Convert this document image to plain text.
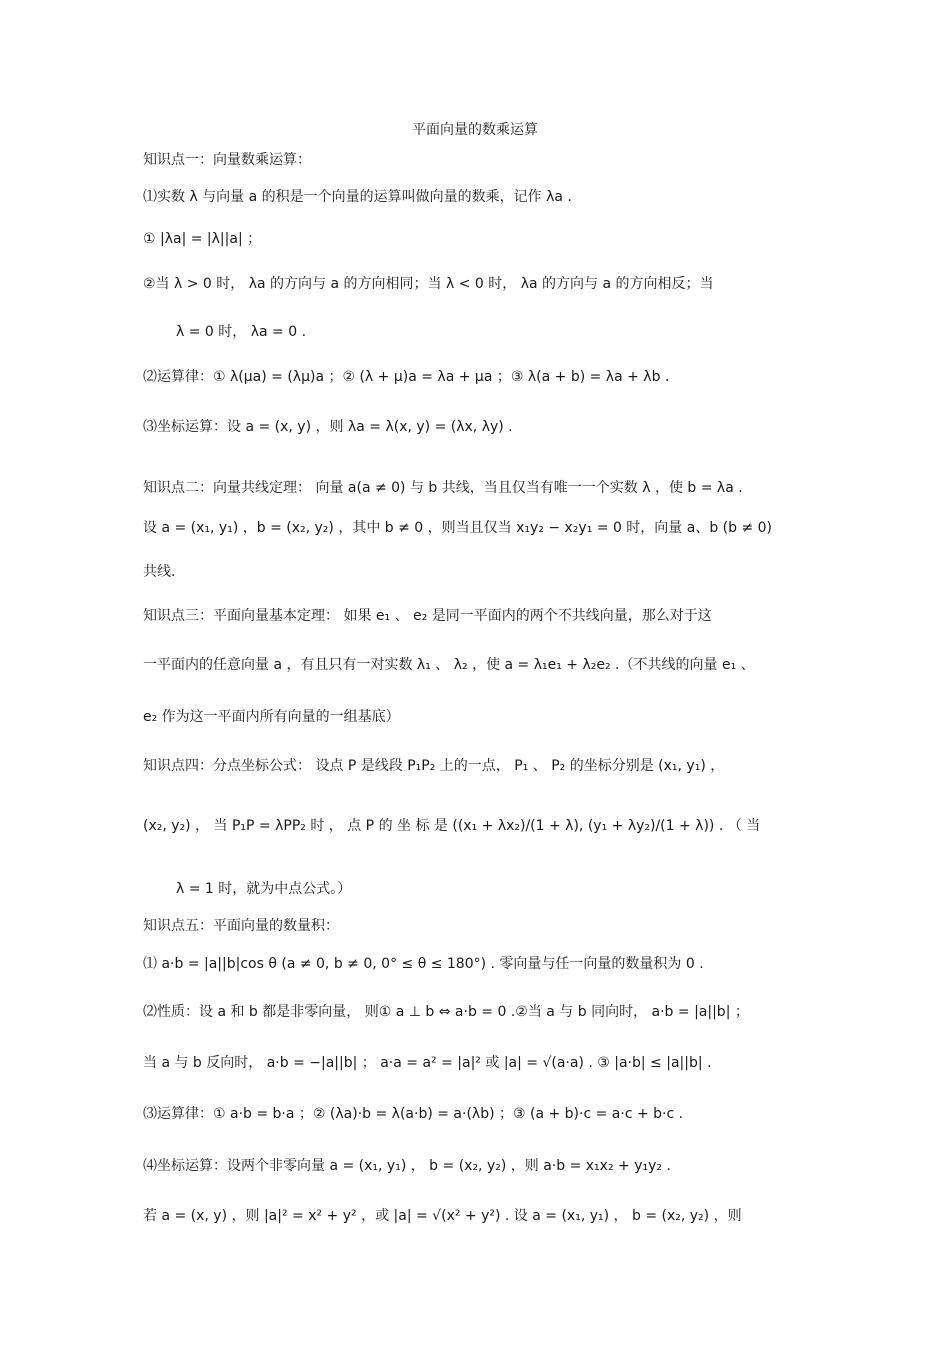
平面向量的数乘运算
知识点一：向量数乘运算：
⑴实数 λ 与向量 a 的积是一个向量的运算叫做向量的数乘，记作 λa .
① |λa| = |λ||a| ；
②当 λ > 0 时， λa 的方向与 a 的方向相同；当 λ < 0 时， λa 的方向与 a 的方向相反；当
λ = 0 时， λa = 0 .
⑵运算律：① λ(μa) = (λμ)a ；② (λ + μ)a = λa + μa ；③ λ(a + b) = λa + λb .
⑶坐标运算：设 a = (x, y) ，则 λa = λ(x, y) = (λx, λy) .
知识点二：向量共线定理： 向量 a(a ≠ 0) 与 b 共线，当且仅当有唯一一个实数 λ ，使 b = λa .
设 a = (x₁, y₁) ，b = (x₂, y₂) ，其中 b ≠ 0 ，则当且仅当 x₁y₂ − x₂y₁ = 0 时，向量 a、b (b ≠ 0)
共线.
知识点三：平面向量基本定理： 如果 e₁ 、 e₂ 是同一平面内的两个不共线向量，那么对于这
一平面内的任意向量 a ，有且只有一对实数 λ₁ 、 λ₂ ，使 a = λ₁e₁ + λ₂e₂ .（不共线的向量 e₁ 、
e₂ 作为这一平面内所有向量的一组基底）
知识点四：分点坐标公式： 设点 P 是线段 P₁P₂ 上的一点， P₁ 、 P₂ 的坐标分别是 (x₁, y₁) ，
(x₂, y₂) ， 当 P₁P = λPP₂ 时 ， 点 P 的 坐 标 是 ((x₁ + λx₂)/(1 + λ), (y₁ + λy₂)/(1 + λ)) . （ 当
λ = 1 时，就为中点公式。）
知识点五：平面向量的数量积：
⑴ a·b = |a||b|cos θ (a ≠ 0, b ≠ 0, 0° ≤ θ ≤ 180°) . 零向量与任一向量的数量积为 0 .
⑵性质：设 a 和 b 都是非零向量， 则① a ⊥ b ⇔ a·b = 0 .②当 a 与 b 同向时， a·b = |a||b| ；
当 a 与 b 反向时， a·b = −|a||b| ； a·a = a² = |a|² 或 |a| = √(a·a) . ③ |a·b| ≤ |a||b| .
⑶运算律：① a·b = b·a ；② (λa)·b = λ(a·b) = a·(λb) ；③ (a + b)·c = a·c + b·c .
⑷坐标运算：设两个非零向量 a = (x₁, y₁) ， b = (x₂, y₂) ，则 a·b = x₁x₂ + y₁y₂ .
若 a = (x, y) ，则 |a|² = x² + y² ，或 |a| = √(x² + y²) . 设 a = (x₁, y₁) ， b = (x₂, y₂) ，则
